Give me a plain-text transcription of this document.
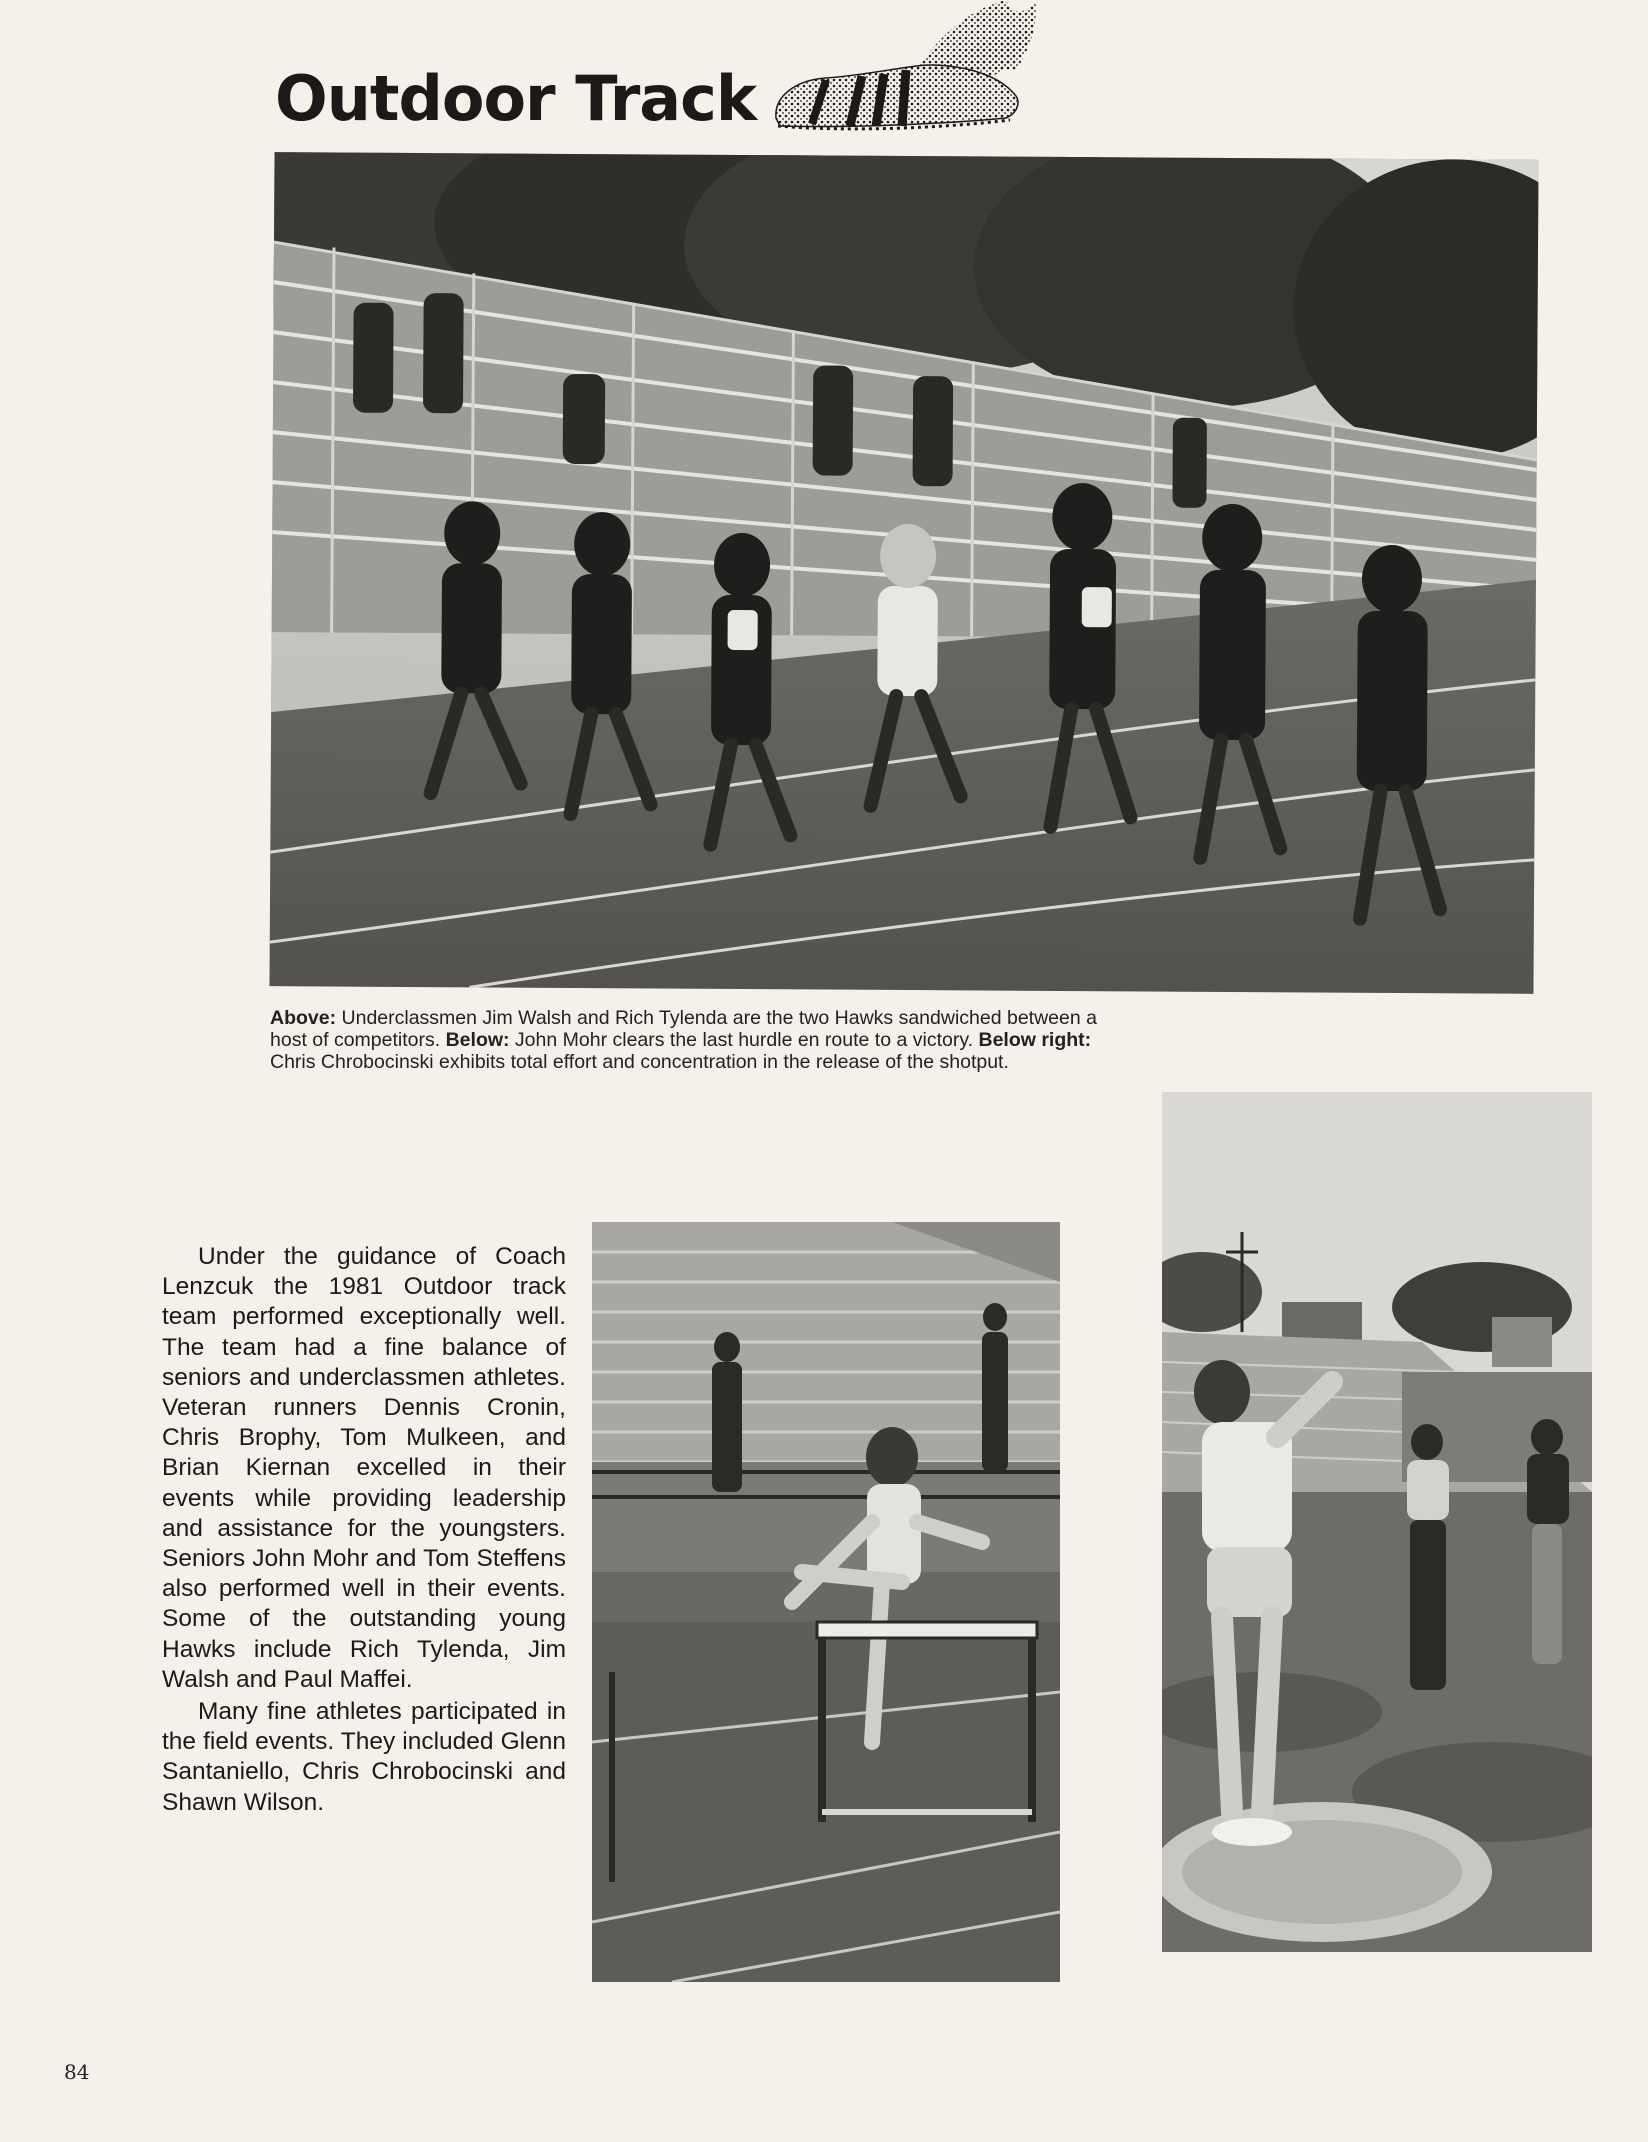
Outdoor Track

Above: Underclassmen Jim Walsh and Rich Tylenda are the two Hawks sandwiched between a host of competitors. Below: John Mohr clears the last hurdle en route to a victory. Below right: Chris Chrobocinski exhibits total effort and concentration in the release of the shotput.

Under the guidance of Coach Lenzcuk the 1981 Outdoor track team performed exceptionally well. The team had a fine balance of seniors and underclassmen athletes. Veteran runners Dennis Cronin, Chris Brophy, Tom Mulkeen, and Brian Kiernan excelled in their events while providing leadership and assistance for the youngsters. Seniors John Mohr and Tom Steffens also performed well in their events. Some of the outstanding young Hawks include Rich Tylenda, Jim Walsh and Paul Maffei.

Many fine athletes participated in the field events. They included Glenn Santaniello, Chris Chrobocinski and Shawn Wilson.

84
